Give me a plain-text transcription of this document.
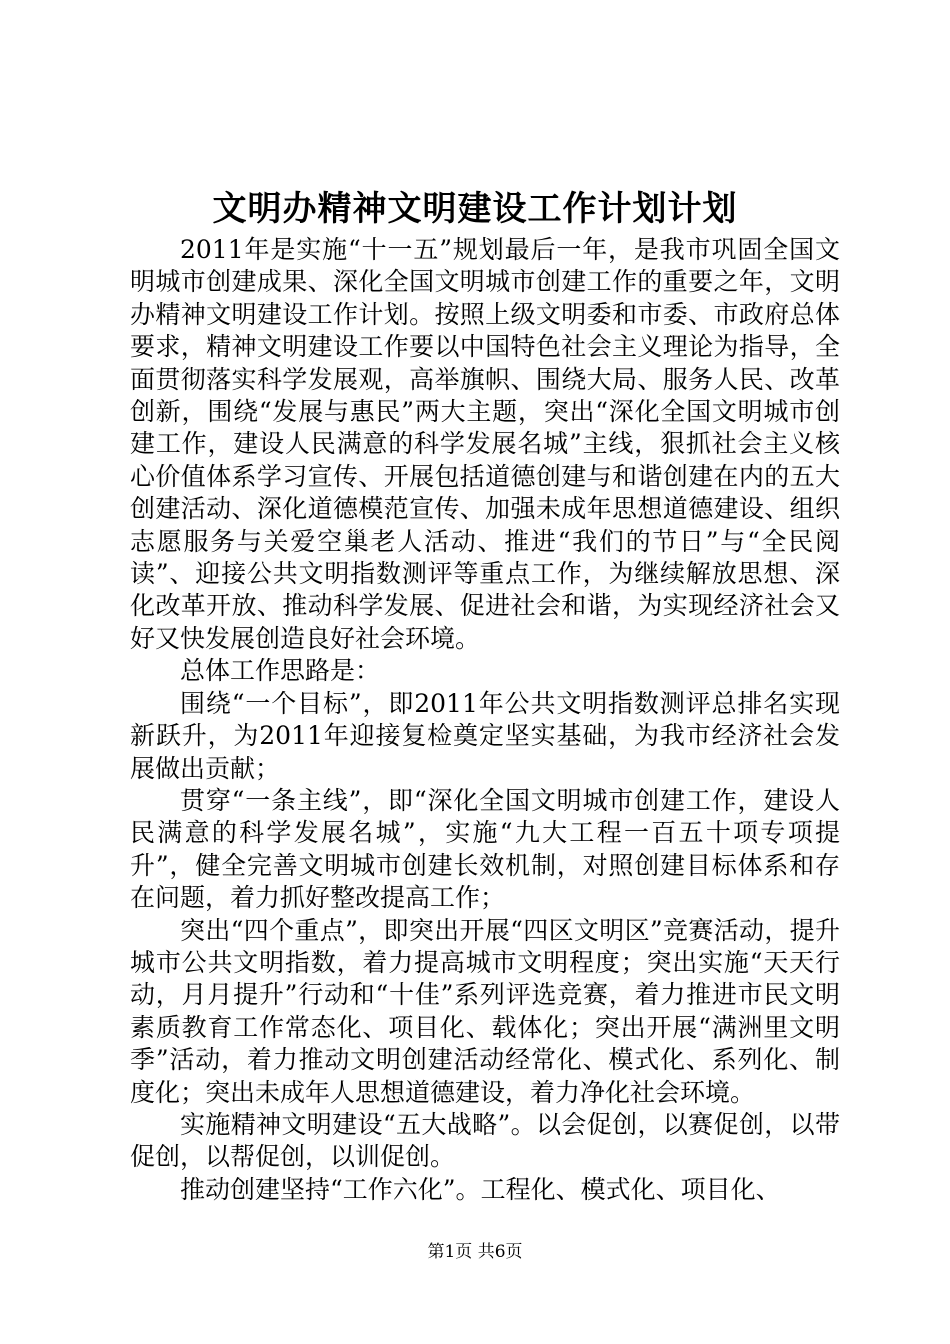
文明办精神文明建设工作计划计划

2011年是实施“十一五”规划最后一年，是我市巩固全国文明城市创建成果、深化全国文明城市创建工作的重要之年，文明办精神文明建设工作计划。按照上级文明委和市委、市政府总体要求，精神文明建设工作要以中国特色社会主义理论为指导，全面贯彻落实科学发展观，高举旗帜、围绕大局、服务人民、改革创新，围绕“发展与惠民”两大主题，突出“深化全国文明城市创建工作，建设人民满意的科学发展名城”主线，狠抓社会主义核心价值体系学习宣传、开展包括道德创建与和谐创建在内的五大创建活动、深化道德模范宣传、加强未成年思想道德建设、组织志愿服务与关爱空巢老人活动、推进“我们的节日”与“全民阅读”、迎接公共文明指数测评等重点工作，为继续解放思想、深化改革开放、推动科学发展、促进社会和谐，为实现经济社会又好又快发展创造良好社会环境。

总体工作思路是：

围绕“一个目标”，即2011年公共文明指数测评总排名实现新跃升，为2011年迎接复检奠定坚实基础，为我市经济社会发展做出贡献；

贯穿“一条主线”，即“深化全国文明城市创建工作，建设人民满意的科学发展名城”，实施“九大工程一百五十项专项提升”，健全完善文明城市创建长效机制，对照创建目标体系和存在问题，着力抓好整改提高工作；

突出“四个重点”，即突出开展“四区文明区”竞赛活动，提升城市公共文明指数，着力提高城市文明程度；突出实施“天天行动，月月提升”行动和“十佳”系列评选竞赛，着力推进市民文明素质教育工作常态化、项目化、载体化；突出开展“满洲里文明季”活动，着力推动文明创建活动经常化、模式化、系列化、制度化；突出未成年人思想道德建设，着力净化社会环境。

实施精神文明建设“五大战略”。以会促创，以赛促创，以带促创，以帮促创，以训促创。

推动创建坚持“工作六化”。工程化、模式化、项目化、

第1页 共6页
